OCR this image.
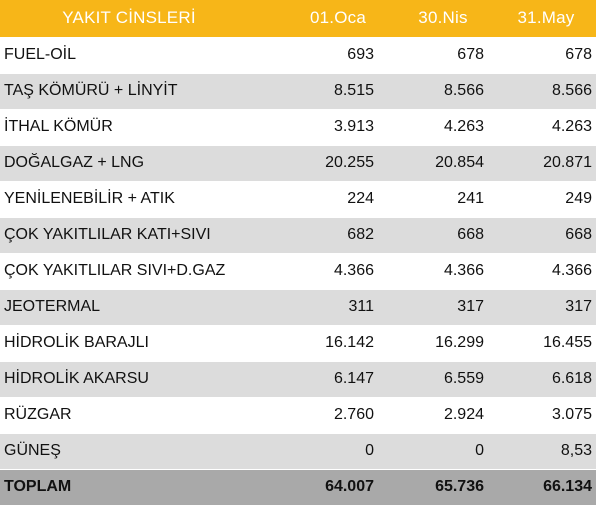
YAKIT CİNSLERİ	01.Oca	30.Nis	31.May
FUEL-OİL	693	678	678
TAŞ KÖMÜRÜ + LİNYİT	8.515	8.566	8.566
İTHAL KÖMÜR	3.913	4.263	4.263
DOĞALGAZ + LNG	20.255	20.854	20.871
YENİLENEBİLİR + ATIK	224	241	249
ÇOK YAKITLILAR KATI+SIVI	682	668	668
ÇOK YAKITLILAR SIVI+D.GAZ	4.366	4.366	4.366
JEOTERMAL	311	317	317
HİDROLİK BARAJLI	16.142	16.299	16.455
HİDROLİK AKARSU	6.147	6.559	6.618
RÜZGAR	2.760	2.924	3.075
GÜNEŞ	0	0	8,53
TOPLAM	64.007	65.736	66.134
